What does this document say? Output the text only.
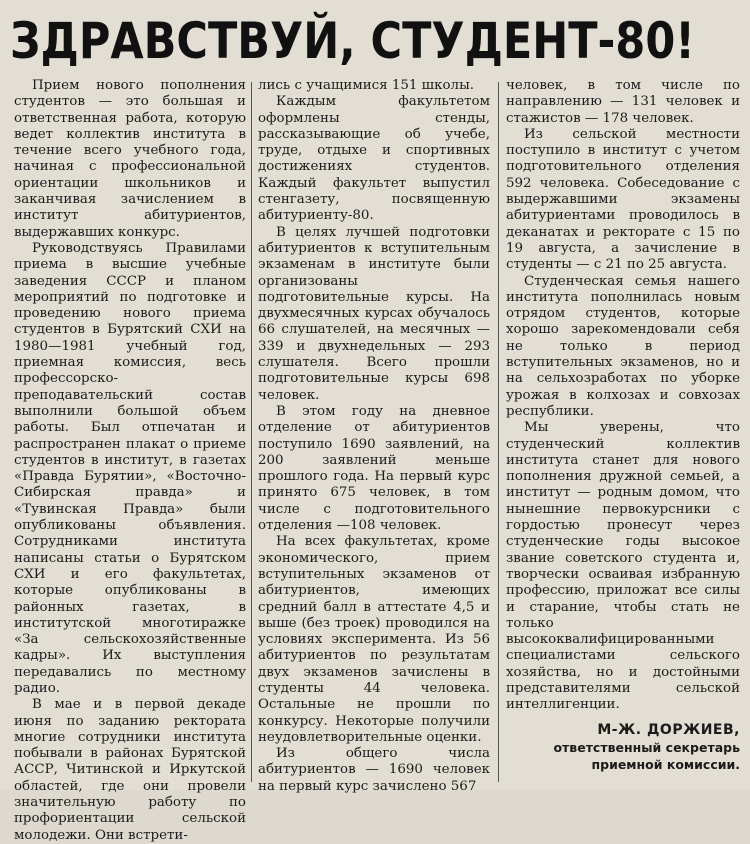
ЗДРАВСТВУЙ, СТУДЕНТ-80!

Прием нового пополнения студентов — это большая и ответственная работа, которую ведет коллектив института в течение всего учебного года, начиная с профессиональной ориентации школьников и заканчивая зачислением в институт абитуриентов, выдержавших конкурс.

Руководствуясь Правилами приема в высшие учебные заведения СССР и планом мероприятий по подготовке и проведению нового приема студентов в Бурятский СХИ на 1980—1981 учебный год, приемная комиссия, весь профессорско-преподавательский состав выполнили большой объем работы. Был отпечатан и распространен плакат о приеме студентов в институт, в газетах «Правда Бурятии», «Восточно-Сибирская правда» и «Тувинская Правда» были опубликованы объявления. Сотрудниками института написаны статьи о Бурятском СХИ и его факультетах, которые опубликованы в районных газетах, в институтской многотиражке «За сельскохозяйственные кадры». Их выступления передавались по местному радио.

В мае и в первой декаде июня по заданию ректората многие сотрудники института побывали в районах Бурятской АССР, Читинской и Иркутской областей, где они провели значительную работу по профориентации сельской молодежи. Они встрети-

лись с учащимися 151 школы.

Каждым факультетом оформлены стенды, рассказывающие об учебе, труде, отдыхе и спортивных достижениях студентов. Каждый факультет выпустил стенгазету, посвященную абитуриенту-80.

В целях лучшей подготовки абитуриентов к вступительным экзаменам в институте были организованы подготовительные курсы. На двухмесячных курсах обучалось 66 слушателей, на месячных — 339 и двухнедельных — 293 слушателя. Всего прошли подготовительные курсы 698 человек.

В этом году на дневное отделение от абитуриентов поступило 1690 заявлений, на 200 заявлений меньше прошлого года. На первый курс принято 675 человек, в том числе с подготовительного отделения —108 человек.

На всех факультетах, кроме экономического, прием вступительных экзаменов от абитуриентов, имеющих средний балл в аттестате 4,5 и выше (без троек) проводился на условиях эксперимента. Из 56 абитуриентов по результатам двух экзаменов зачислены в студенты 44 человека. Остальные не прошли по конкурсу. Некоторые получили неудовлетворительные оценки.

Из общего числа абитуриентов — 1690 человек на первый курс зачислено 567

человек, в том числе по направлению — 131 человек и стажистов — 178 человек.

Из сельской местности поступило в институт с учетом подготовительного отделения 592 человека. Собеседование с выдержавшими экзамены абитуриентами проводилось в деканатах и ректорате с 15 по 19 августа, а зачисление в студенты — с 21 по 25 августа.

Студенческая семья нашего института пополнилась новым отрядом студентов, которые хорошо зарекомендовали себя не только в период вступительных экзаменов, но и на сельхозработах по уборке урожая в колхозах и совхозах республики.

Мы уверены, что студенческий коллектив института станет для нового пополнения дружной семьей, а институт — родным домом, что нынешние первокурсники с гордостью пронесут через студенческие годы высокое звание советского студента и, творчески осваивая избранную профессию, приложат все силы и старание, чтобы стать не только высококвалифицированными специалистами сельского хозяйства, но и достойными представителями сельской интеллигенции.

М-Ж. ДОРЖИЕВ,
ответственный секретарь
приемной комиссии.
